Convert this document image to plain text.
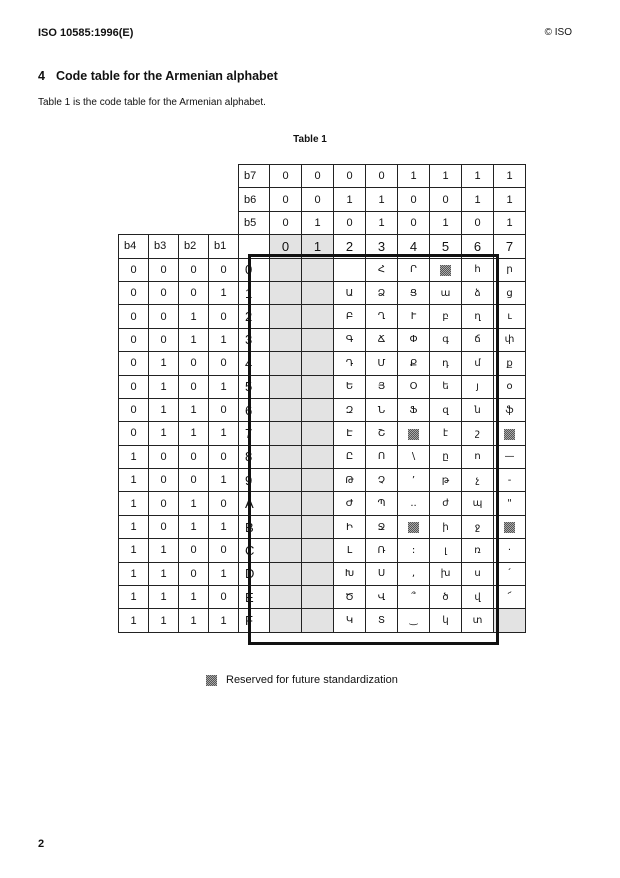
ISO 10585:1996(E)	© ISO
4 Code table for the Armenian alphabet
Table 1 is the code table for the Armenian alphabet.
Table 1
				b7	0	0	0	0	1	1	1	1
				b6	0	0	1	1	0	0	1	1
				b5	0	1	0	1	0	1	0	1
b4	b3	b2	b1		0	1	2	3	4	5	6	7
0	0	0	0	0				Հ	Ր		հ	ր
0	0	0	1	1			Ա	Ձ	Ց	ա	ձ	ց
0	0	1	0	2			Բ	Ղ	Ւ	բ	ղ	ւ
0	0	1	1	3			Գ	Ճ	Փ	գ	ճ	փ
0	1	0	0	4			Դ	Մ	Ք	դ	մ	ք
0	1	0	1	5			Ե	Յ	Օ	ե	յ	օ
0	1	1	0	6			Զ	Ն	Ֆ	զ	ն	ֆ
0	1	1	1	7			Է	Շ		է	շ	
1	0	0	0	8			Ը	Ո	\	ը	ո	—
1	0	0	1	9			Թ	Չ	’	թ	չ	-
1	0	1	0	A			Ժ	Պ	..	ժ	պ	"
1	0	1	1	B			Ի	Ջ		ի	ջ	
1	1	0	0	C			Լ	Ռ	:	լ	ռ	·
1	1	0	1	D			Խ	Ս	,	խ	ս	՛
1	1	1	0	E			Ծ	Վ	՞	ծ	վ	՜
1	1	1	1	F			Կ	Տ	‿	կ	տ	
Reserved for future standardization
2
